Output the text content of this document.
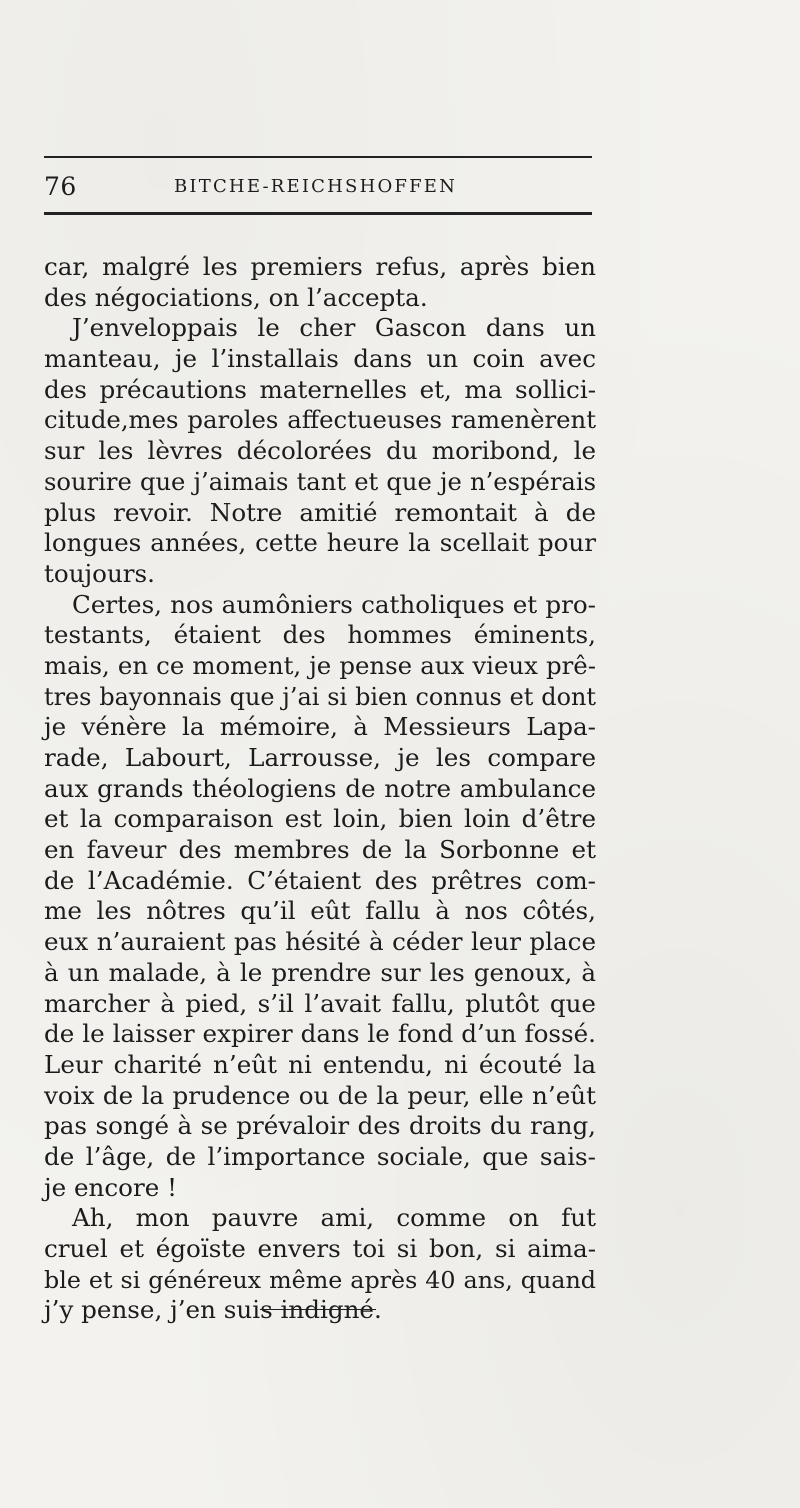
76	BITCHE-REICHSHOFFEN
car, malgré les premiers refus, après bien
des négociations, on l’accepta.
J’enveloppais le cher Gascon dans un
manteau, je l’installais dans un coin avec
des précautions maternelles et, ma sollici-
citude,mes paroles affectueuses ramenèrent
sur les lèvres décolorées du moribond, le
sourire que j’aimais tant et que je n’espérais
plus revoir. Notre amitié remontait à de
longues années, cette heure la scellait pour
toujours.
Certes, nos aumôniers catholiques et pro-
testants, étaient des hommes éminents,
mais, en ce moment, je pense aux vieux prê-
tres bayonnais que j’ai si bien connus et dont
je vénère la mémoire, à Messieurs Lapa-
rade, Labourt, Larrousse, je les compare
aux grands théologiens de notre ambulance
et la comparaison est loin, bien loin d’être
en faveur des membres de la Sorbonne et
de l’Académie. C’étaient des prêtres com-
me les nôtres qu’il eût fallu à nos côtés,
eux n’auraient pas hésité à céder leur place
à un malade, à le prendre sur les genoux, à
marcher à pied, s’il l’avait fallu, plutôt que
de le laisser expirer dans le fond d’un fossé.
Leur charité n’eût ni entendu, ni écouté la
voix de la prudence ou de la peur, elle n’eût
pas songé à se prévaloir des droits du rang,
de l’âge, de l’importance sociale, que sais-
je encore !
Ah, mon pauvre ami, comme on fut
cruel et égoïste envers toi si bon, si aima-
ble et si généreux même après 40 ans, quand
j’y pense, j’en suis indigné.
